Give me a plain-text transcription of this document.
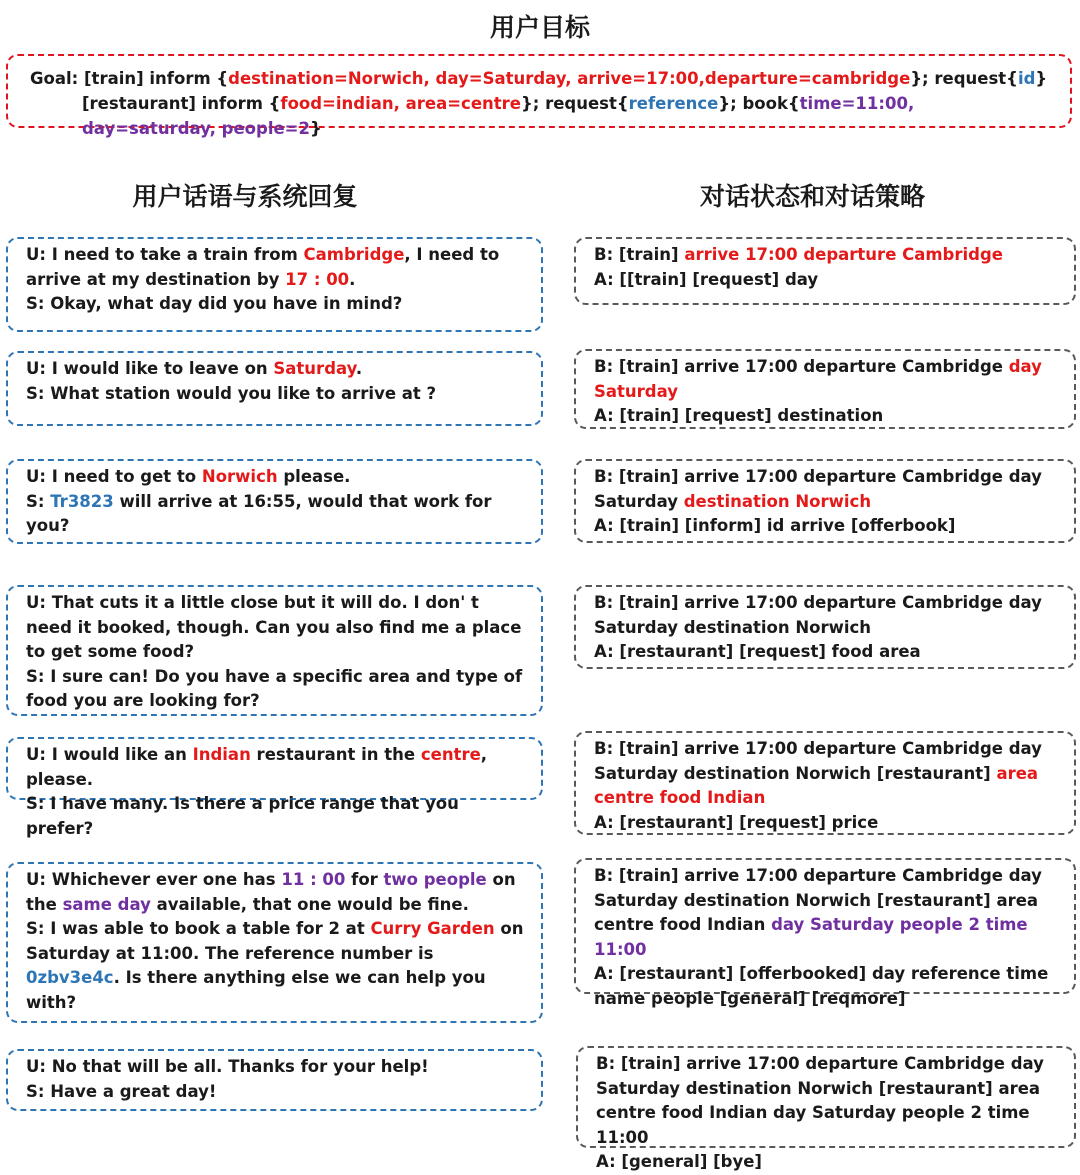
用户目标
Goal: [train] inform {destination=Norwich, day=Saturday, arrive=17:00,departure=cambridge}; request{id}
[restaurant] inform {food=indian, area=centre}; request{reference}; book{time=11:00, day=saturday, people=2}
用户话语与系统回复	对话状态和对话策略
U: I need to take a train from Cambridge, I need to arrive at my destination by 17 : 00.
S: Okay, what day did you have in mind?
U: I would like to leave on Saturday.
S: What station would you like to arrive at ?
U: I need to get to Norwich please.
S: Tr3823 will arrive at 16:55, would that work for you?
U: That cuts it a little close but it will do. I don' t need it booked, though. Can you also find me a place to get some food?
S: I sure can! Do you have a specific area and type of food you are looking for?
U: I would like an Indian restaurant in the centre, please.
S: I have many. Is there a price range that you prefer?
U: Whichever ever one has 11 : 00 for two people on the same day available, that one would be fine.
S: I was able to book a table for 2 at Curry Garden on Saturday at 11:00. The reference number is 0zbv3e4c. Is there anything else we can help you with?
U: No that will be all. Thanks for your help!
S: Have a great day!
B: [train] arrive 17:00 departure Cambridge
A: [[train] [request] day
B: [train] arrive 17:00 departure Cambridge day Saturday
A: [train] [request] destination
B: [train] arrive 17:00 departure Cambridge day Saturday destination Norwich
A: [train] [inform] id arrive [offerbook]
B: [train] arrive 17:00 departure Cambridge day Saturday destination Norwich
A: [restaurant] [request] food area
B: [train] arrive 17:00 departure Cambridge day Saturday destination Norwich [restaurant] area centre food Indian
A: [restaurant] [request] price
B: [train] arrive 17:00 departure Cambridge day Saturday destination Norwich [restaurant] area centre food Indian day Saturday people 2 time 11:00
A: [restaurant] [offerbooked] day reference time name people [general] [reqmore]
B: [train] arrive 17:00 departure Cambridge day Saturday destination Norwich [restaurant] area centre food Indian day Saturday people 2 time 11:00
A: [general] [bye]
